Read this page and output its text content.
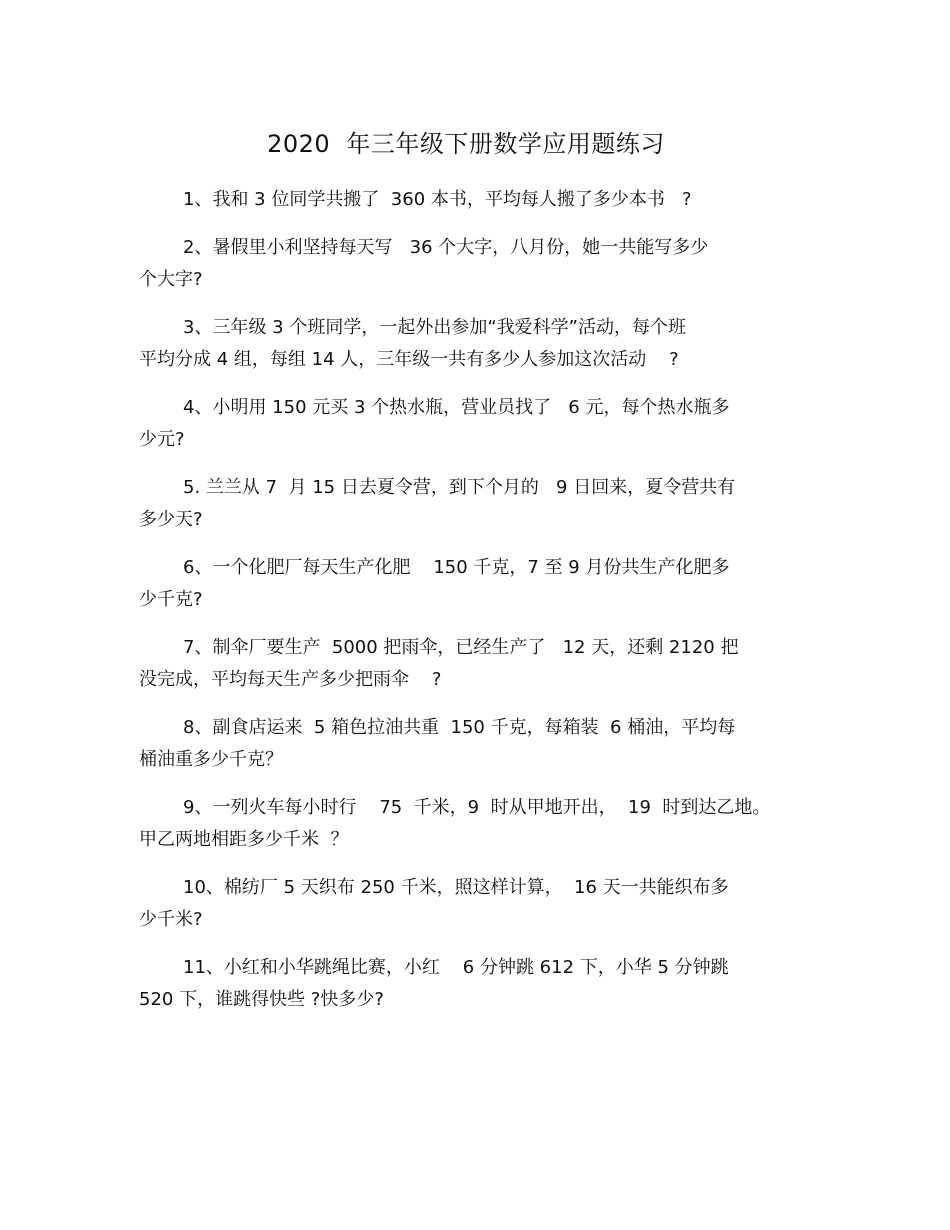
2020  年三年级下册数学应用题练习
1、我和 3 位同学共搬了  360 本书，平均每人搬了多少本书   ?
2、暑假里小利坚持每天写   36 个大字，八月份，她一共能写多少
个大字?
3、三年级 3 个班同学，一起外出参加“我爱科学”活动，每个班
平均分成 4 组，每组 14 人，三年级一共有多少人参加这次活动    ?
4、小明用 150 元买 3 个热水瓶，营业员找了   6 元，每个热水瓶多
少元?
5. 兰兰从 7  月 15 日去夏令营，到下个月的   9 日回来，夏令营共有
多少天?
6、一个化肥厂每天生产化肥    150 千克，7 至 9 月份共生产化肥多
少千克?
7、制伞厂要生产  5000 把雨伞，已经生产了   12 天，还剩 2120 把
没完成，平均每天生产多少把雨伞    ?
8、副食店运来  5 箱色拉油共重  150 千克，每箱装  6 桶油，平均每
桶油重多少千克？
9、一列火车每小时行    75  千米，9  时从甲地开出，  19  时到达乙地。
甲乙两地相距多少千米  ？
10、棉纺厂 5 天织布 250 千米，照这样计算，  16 天一共能织布多
少千米?
11、小红和小华跳绳比赛，小红    6 分钟跳 612 下，小华 5 分钟跳
520 下，谁跳得快些 ?快多少?
